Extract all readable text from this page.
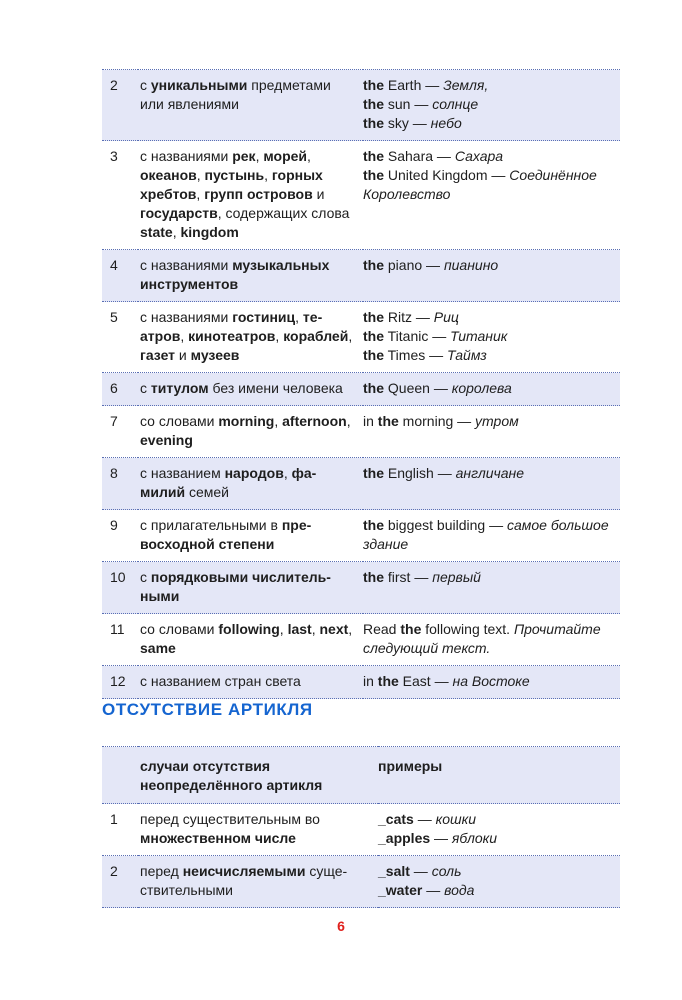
2	с уникальными предметами или явлениями	the Earth — Земля,
the sun — солнце
the sky — небо

3	с названиями рек, морей, океанов, пустынь, горных хребтов, групп островов и государств, содержащих слова state, kingdom	the Sahara — Сахара
the United Kingdom — Соединённое Королевство

4	с названиями музыкальных инструментов	the piano — пианино

5	с названиями гостиниц, театров, кинотеатров, кораблей, газет и музеев	the Ritz — Риц
the Titanic — Титаник
the Times — Таймз

6	с титулом без имени человека	the Queen — королева

7	со словами morning, afternoon, evening	in the morning — утром

8	с названием народов, фамилий семей	the English — англичане

9	с прилагательными в превосходной степени	the biggest building — самое большое здание

10	с порядковыми числительными	the first — первый

11	со словами following, last, next, same	Read the following text. Прочитайте следующий текст.

12	с названием стран света	in the East — на Востоке
ОТСУТСТВИЕ АРТИКЛЯ
	случаи отсутствия неопределённого артикля	примеры
1	перед существительным во множественном числе	_cats — кошки
_apples — яблоки

2	перед неисчисляемыми существительными	_salt — соль
_water — вода
6
